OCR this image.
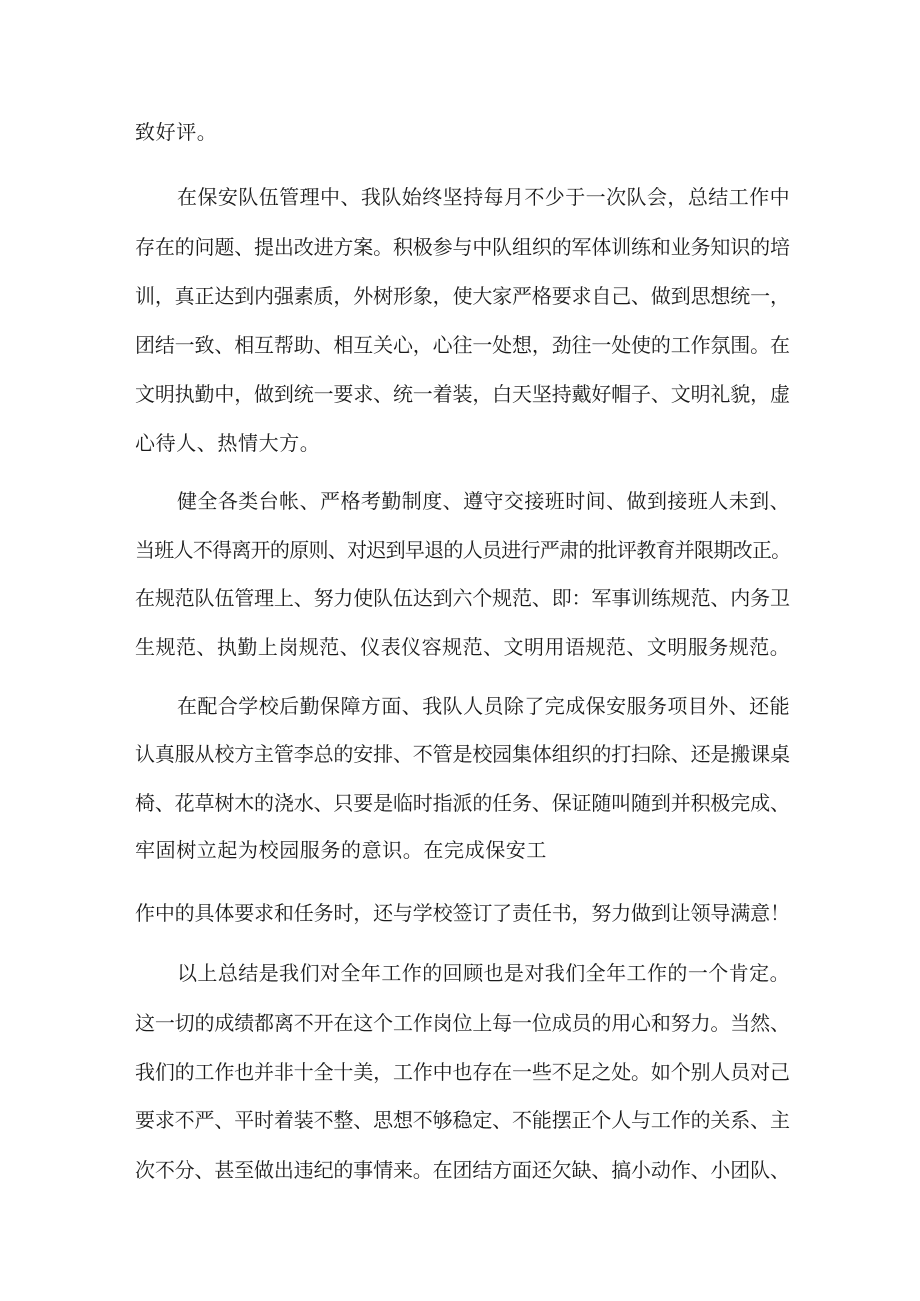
致好评。
在保安队伍管理中、我队始终坚持每月不少于一次队会，总结工作中
存在的问题、提出改进方案。积极参与中队组织的军体训练和业务知识的培
训，真正达到内强素质，外树形象，使大家严格要求自己、做到思想统一，
团结一致、相互帮助、相互关心，心往一处想，劲往一处使的工作氛围。在
文明执勤中，做到统一要求、统一着装，白天坚持戴好帽子、文明礼貌，虚
心待人、热情大方。
健全各类台帐、严格考勤制度、遵守交接班时间、做到接班人未到、
当班人不得离开的原则、对迟到早退的人员进行严肃的批评教育并限期改正。
在规范队伍管理上、努力使队伍达到六个规范、即：军事训练规范、内务卫
生规范、执勤上岗规范、仪表仪容规范、文明用语规范、文明服务规范。
在配合学校后勤保障方面、我队人员除了完成保安服务项目外、还能
认真服从校方主管李总的安排、不管是校园集体组织的打扫除、还是搬课桌
椅、花草树木的浇水、只要是临时指派的任务、保证随叫随到并积极完成、
牢固树立起为校园服务的意识。在完成保安工
作中的具体要求和任务时，还与学校签订了责任书，努力做到让领导满意！
以上总结是我们对全年工作的回顾也是对我们全年工作的一个肯定。
这一切的成绩都离不开在这个工作岗位上每一位成员的用心和努力。当然、
我们的工作也并非十全十美，工作中也存在一些不足之处。如个别人员对己
要求不严、平时着装不整、思想不够稳定、不能摆正个人与工作的关系、主
次不分、甚至做出违纪的事情来。在团结方面还欠缺、搞小动作、小团队、
